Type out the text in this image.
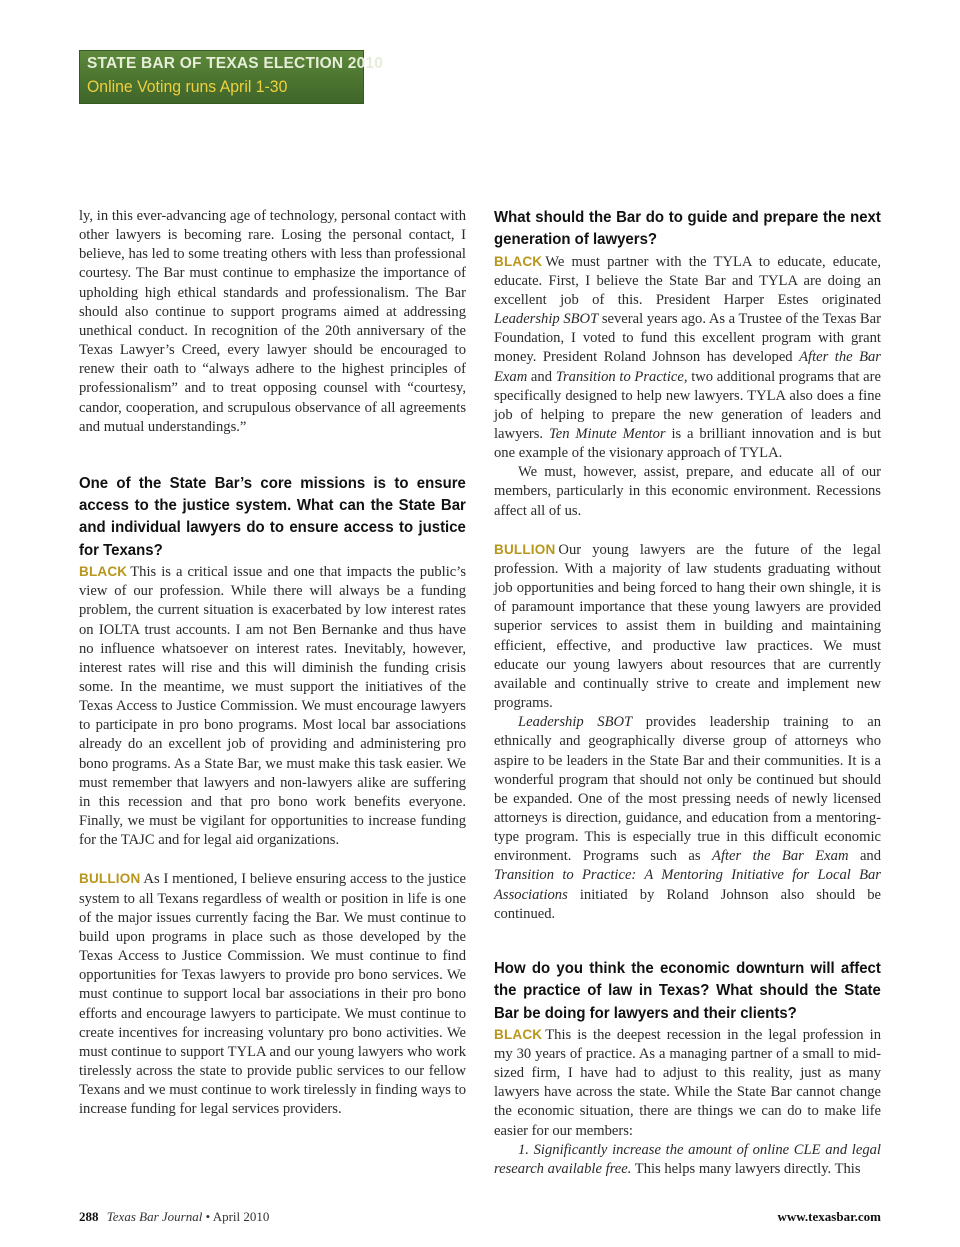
STATE BAR OF TEXAS ELECTION 2010
Online Voting runs April 1-30

ly, in this ever-advancing age of technology, personal contact with other lawyers is becoming rare. Losing the personal contact, I believe, has led to some treating others with less than professional courtesy. The Bar must continue to emphasize the importance of upholding high ethical standards and professionalism. The Bar should also continue to support programs aimed at addressing unethical conduct. In recognition of the 20th anniversary of the Texas Lawyer’s Creed, every lawyer should be encouraged to renew their oath to “always adhere to the highest principles of professionalism” and to treat opposing counsel with “courtesy, candor, cooperation, and scrupulous observance of all agreements and mutual understandings.”

One of the State Bar’s core missions is to ensure access to the justice system. What can the State Bar and individual lawyers do to ensure access to justice for Texans?

BLACK This is a critical issue and one that impacts the public’s view of our profession. While there will always be a funding problem, the current situation is exacerbated by low interest rates on IOLTA trust accounts. I am not Ben Bernanke and thus have no influence whatsoever on interest rates. Inevitably, however, interest rates will rise and this will diminish the funding crisis some. In the meantime, we must support the initiatives of the Texas Access to Justice Commission. We must encourage lawyers to participate in pro bono programs. Most local bar associations already do an excellent job of providing and administering pro bono programs. As a State Bar, we must make this task easier. We must remember that lawyers and non-lawyers alike are suffering in this recession and that pro bono work benefits everyone. Finally, we must be vigilant for opportunities to increase funding for the TAJC and for legal aid organizations.

BULLION As I mentioned, I believe ensuring access to the justice system to all Texans regardless of wealth or position in life is one of the major issues currently facing the Bar. We must continue to build upon programs in place such as those developed by the Texas Access to Justice Commission. We must continue to find opportunities for Texas lawyers to provide pro bono services. We must continue to support local bar associations in their pro bono efforts and encourage lawyers to participate. We must continue to create incentives for increasing voluntary pro bono activities. We must continue to support TYLA and our young lawyers who work tirelessly across the state to provide public services to our fellow Texans and we must continue to work tirelessly in finding ways to increase funding for legal services providers.

What should the Bar do to guide and prepare the next generation of lawyers?

BLACK We must partner with the TYLA to educate, educate, educate. First, I believe the State Bar and TYLA are doing an excellent job of this. President Harper Estes originated Leadership SBOT several years ago. As a Trustee of the Texas Bar Foundation, I voted to fund this excellent program with grant money. President Roland Johnson has developed After the Bar Exam and Transition to Practice, two additional programs that are specifically designed to help new lawyers. TYLA also does a fine job of helping to prepare the new generation of leaders and lawyers. Ten Minute Mentor is a brilliant innovation and is but one example of the visionary approach of TYLA.

We must, however, assist, prepare, and educate all of our members, particularly in this economic environment. Recessions affect all of us.

BULLION Our young lawyers are the future of the legal profession. With a majority of law students graduating without job opportunities and being forced to hang their own shingle, it is of paramount importance that these young lawyers are provided superior services to assist them in building and maintaining efficient, effective, and productive law practices. We must educate our young lawyers about resources that are currently available and continually strive to create and implement new programs.

Leadership SBOT provides leadership training to an ethnically and geographically diverse group of attorneys who aspire to be leaders in the State Bar and their communities. It is a wonderful program that should not only be continued but should be expanded. One of the most pressing needs of newly licensed attorneys is direction, guidance, and education from a mentoring-type program. This is especially true in this difficult economic environment. Programs such as After the Bar Exam and Transition to Practice: A Mentoring Initiative for Local Bar Associations initiated by Roland Johnson also should be continued.

How do you think the economic downturn will affect the practice of law in Texas? What should the State Bar be doing for lawyers and their clients?

BLACK This is the deepest recession in the legal profession in my 30 years of practice. As a managing partner of a small to mid-sized firm, I have had to adjust to this reality, just as many lawyers have across the state. While the State Bar cannot change the economic situation, there are things we can do to make life easier for our members:

1. Significantly increase the amount of online CLE and legal research available free. This helps many lawyers directly. This

288 Texas Bar Journal • April 2010	www.texasbar.com
